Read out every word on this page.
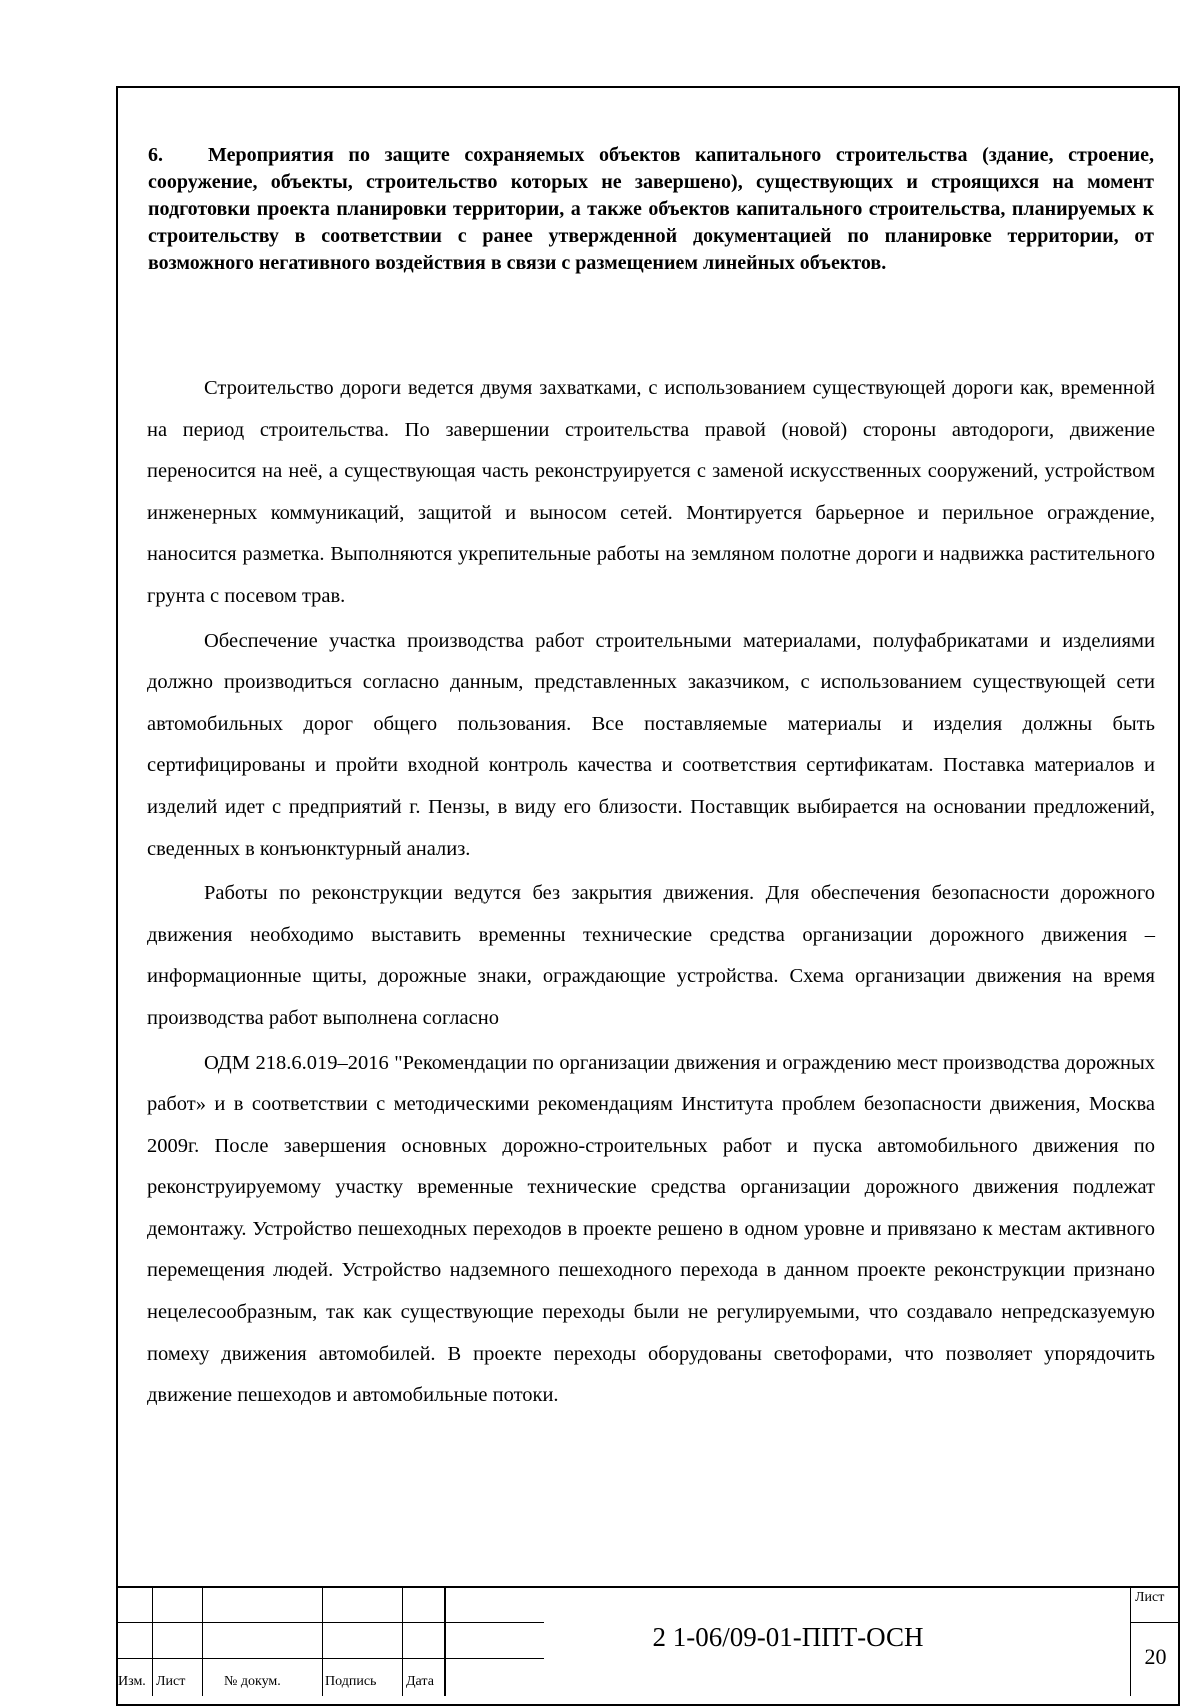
6. Мероприятия по защите сохраняемых объектов капитального строительства (здание, строение, сооружение, объекты, строительство которых не завершено), существующих и строящихся на момент подготовки проекта планировки территории, а также объектов капитального строительства, планируемых к строительству в соответствии с ранее утвержденной документацией по планировке территории, от возможного негативного воздействия в связи с размещением линейных объектов.

Строительство дороги ведется двумя захватками, с использованием существующей дороги как, временной на период строительства. По завершении строительства правой (новой) стороны автодороги, движение переносится на неё, а существующая часть реконструируется с заменой искусственных сооружений, устройством инженерных коммуникаций, защитой и выносом сетей. Монтируется барьерное и перильное ограждение, наносится разметка. Выполняются укрепительные работы на земляном полотне дороги и надвижка растительного грунта с посевом трав.

Обеспечение участка производства работ строительными материалами, полуфабрикатами и изделиями должно производиться согласно данным, представленных заказчиком, с использованием существующей сети автомобильных дорог общего пользования. Все поставляемые материалы и изделия должны быть сертифицированы и пройти входной контроль качества и соответствия сертификатам. Поставка материалов и изделий идет с предприятий г. Пензы, в виду его близости. Поставщик выбирается на основании предложений, сведенных в конъюнктурный анализ.

Работы по реконструкции ведутся без закрытия движения. Для обеспечения безопасности дорожного движения необходимо выставить временны технические средства организации дорожного движения – информационные щиты, дорожные знаки, ограждающие устройства. Схема организации движения на время производства работ выполнена согласно

ОДМ 218.6.019–2016 "Рекомендации по организации движения и ограждению мест производства дорожных работ» и в соответствии с методическими рекомендациям Института проблем безопасности движения, Москва 2009г. После завершения основных дорожно-строительных работ и пуска автомобильного движения по реконструируемому участку временные технические средства организации дорожного движения подлежат демонтажу. Устройство пешеходных переходов в проекте решено в одном уровне и привязано к местам активного перемещения людей. Устройство надземного пешеходного перехода в данном проекте реконструкции признано нецелесообразным, так как существующие переходы были не регулируемыми, что создавало непредсказуемую помеху движения автомобилей. В проекте переходы оборудованы светофорами, что позволяет упорядочить движение пешеходов и автомобильные потоки.

Изм. Лист	№ докум.	Подпись Дата
2 1-06/09-01-ППТ-ОСН
Лист
20
